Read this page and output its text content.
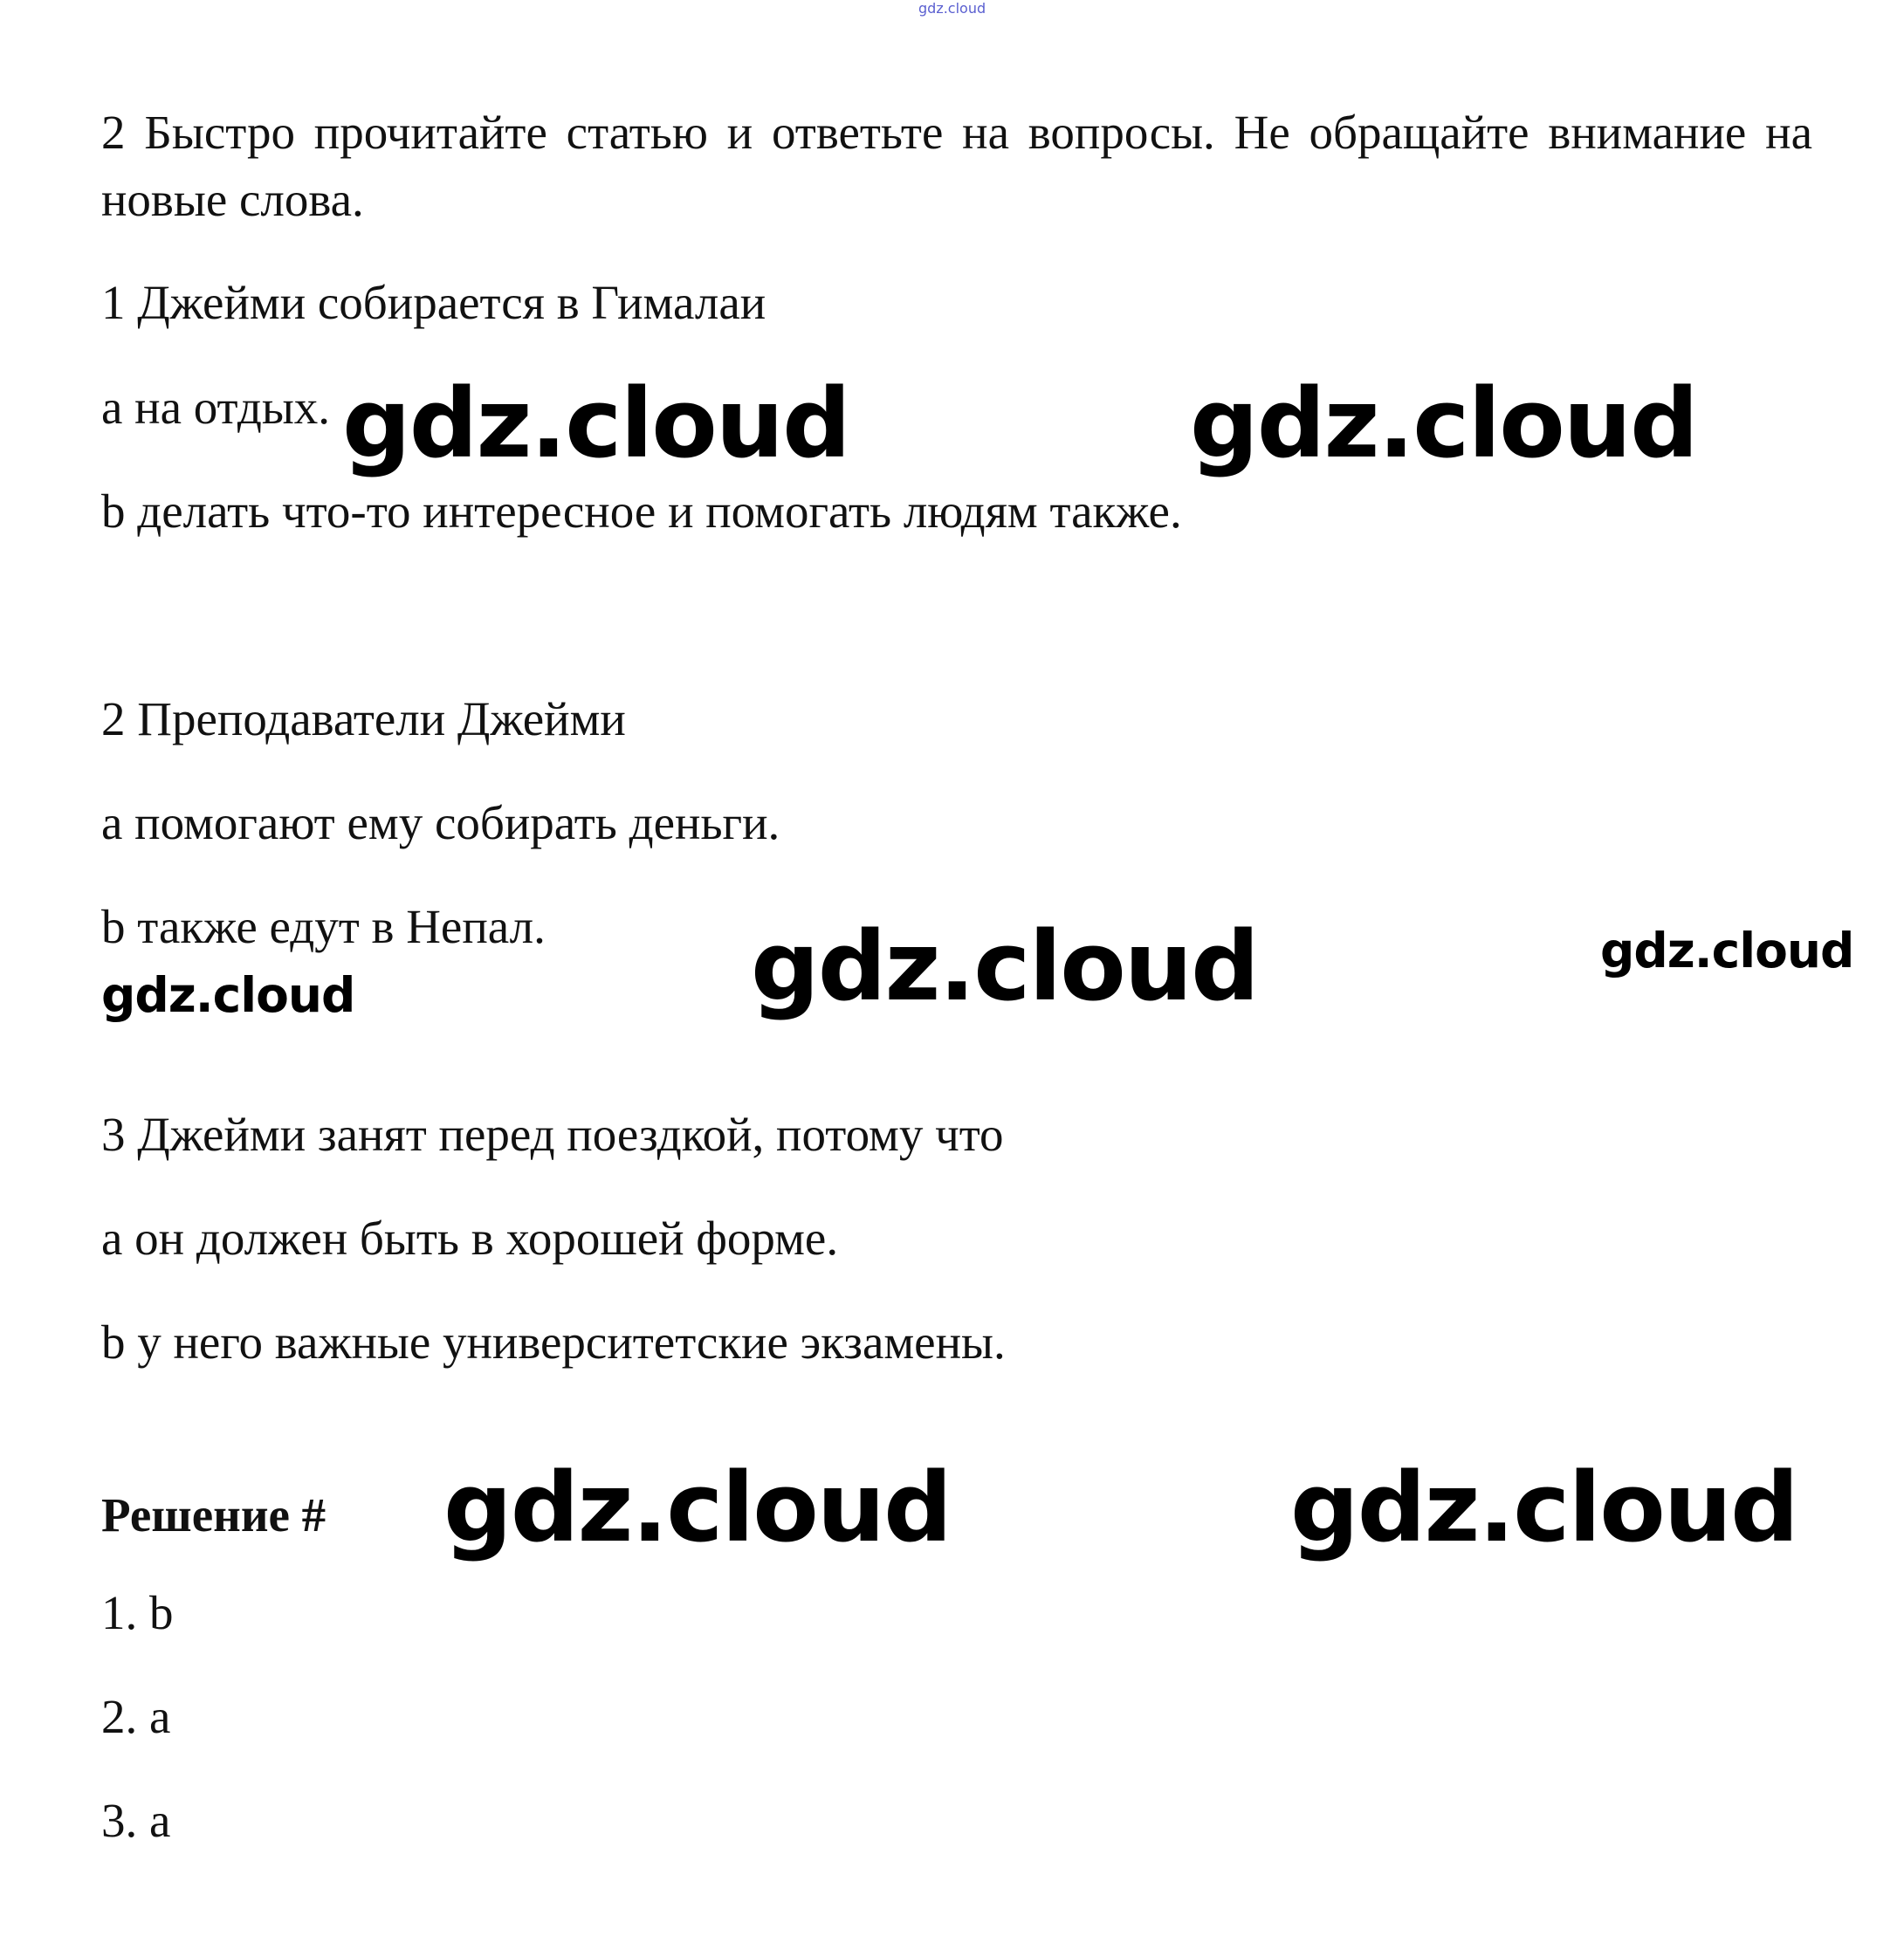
gdz.cloud

2 Быстро прочитайте статью и ответьте на вопросы. Не обращайте внимание на новые слова.

1 Джейми собирается в Гималаи

a на отдых.

b делать что-то интересное и помогать людям также.

2 Преподаватели Джейми

a помогают ему собирать деньги.

b также едут в Непал.

3 Джейми занят перед поездкой, потому что

a он должен быть в хорошей форме.

b у него важные университетские экзамены.

Решение #

1. b

2. a

3. a

gdz.cloud	gdz.cloud
gdz.cloud	gdz.cloud
gdz.cloud
gdz.cloud	gdz.cloud
